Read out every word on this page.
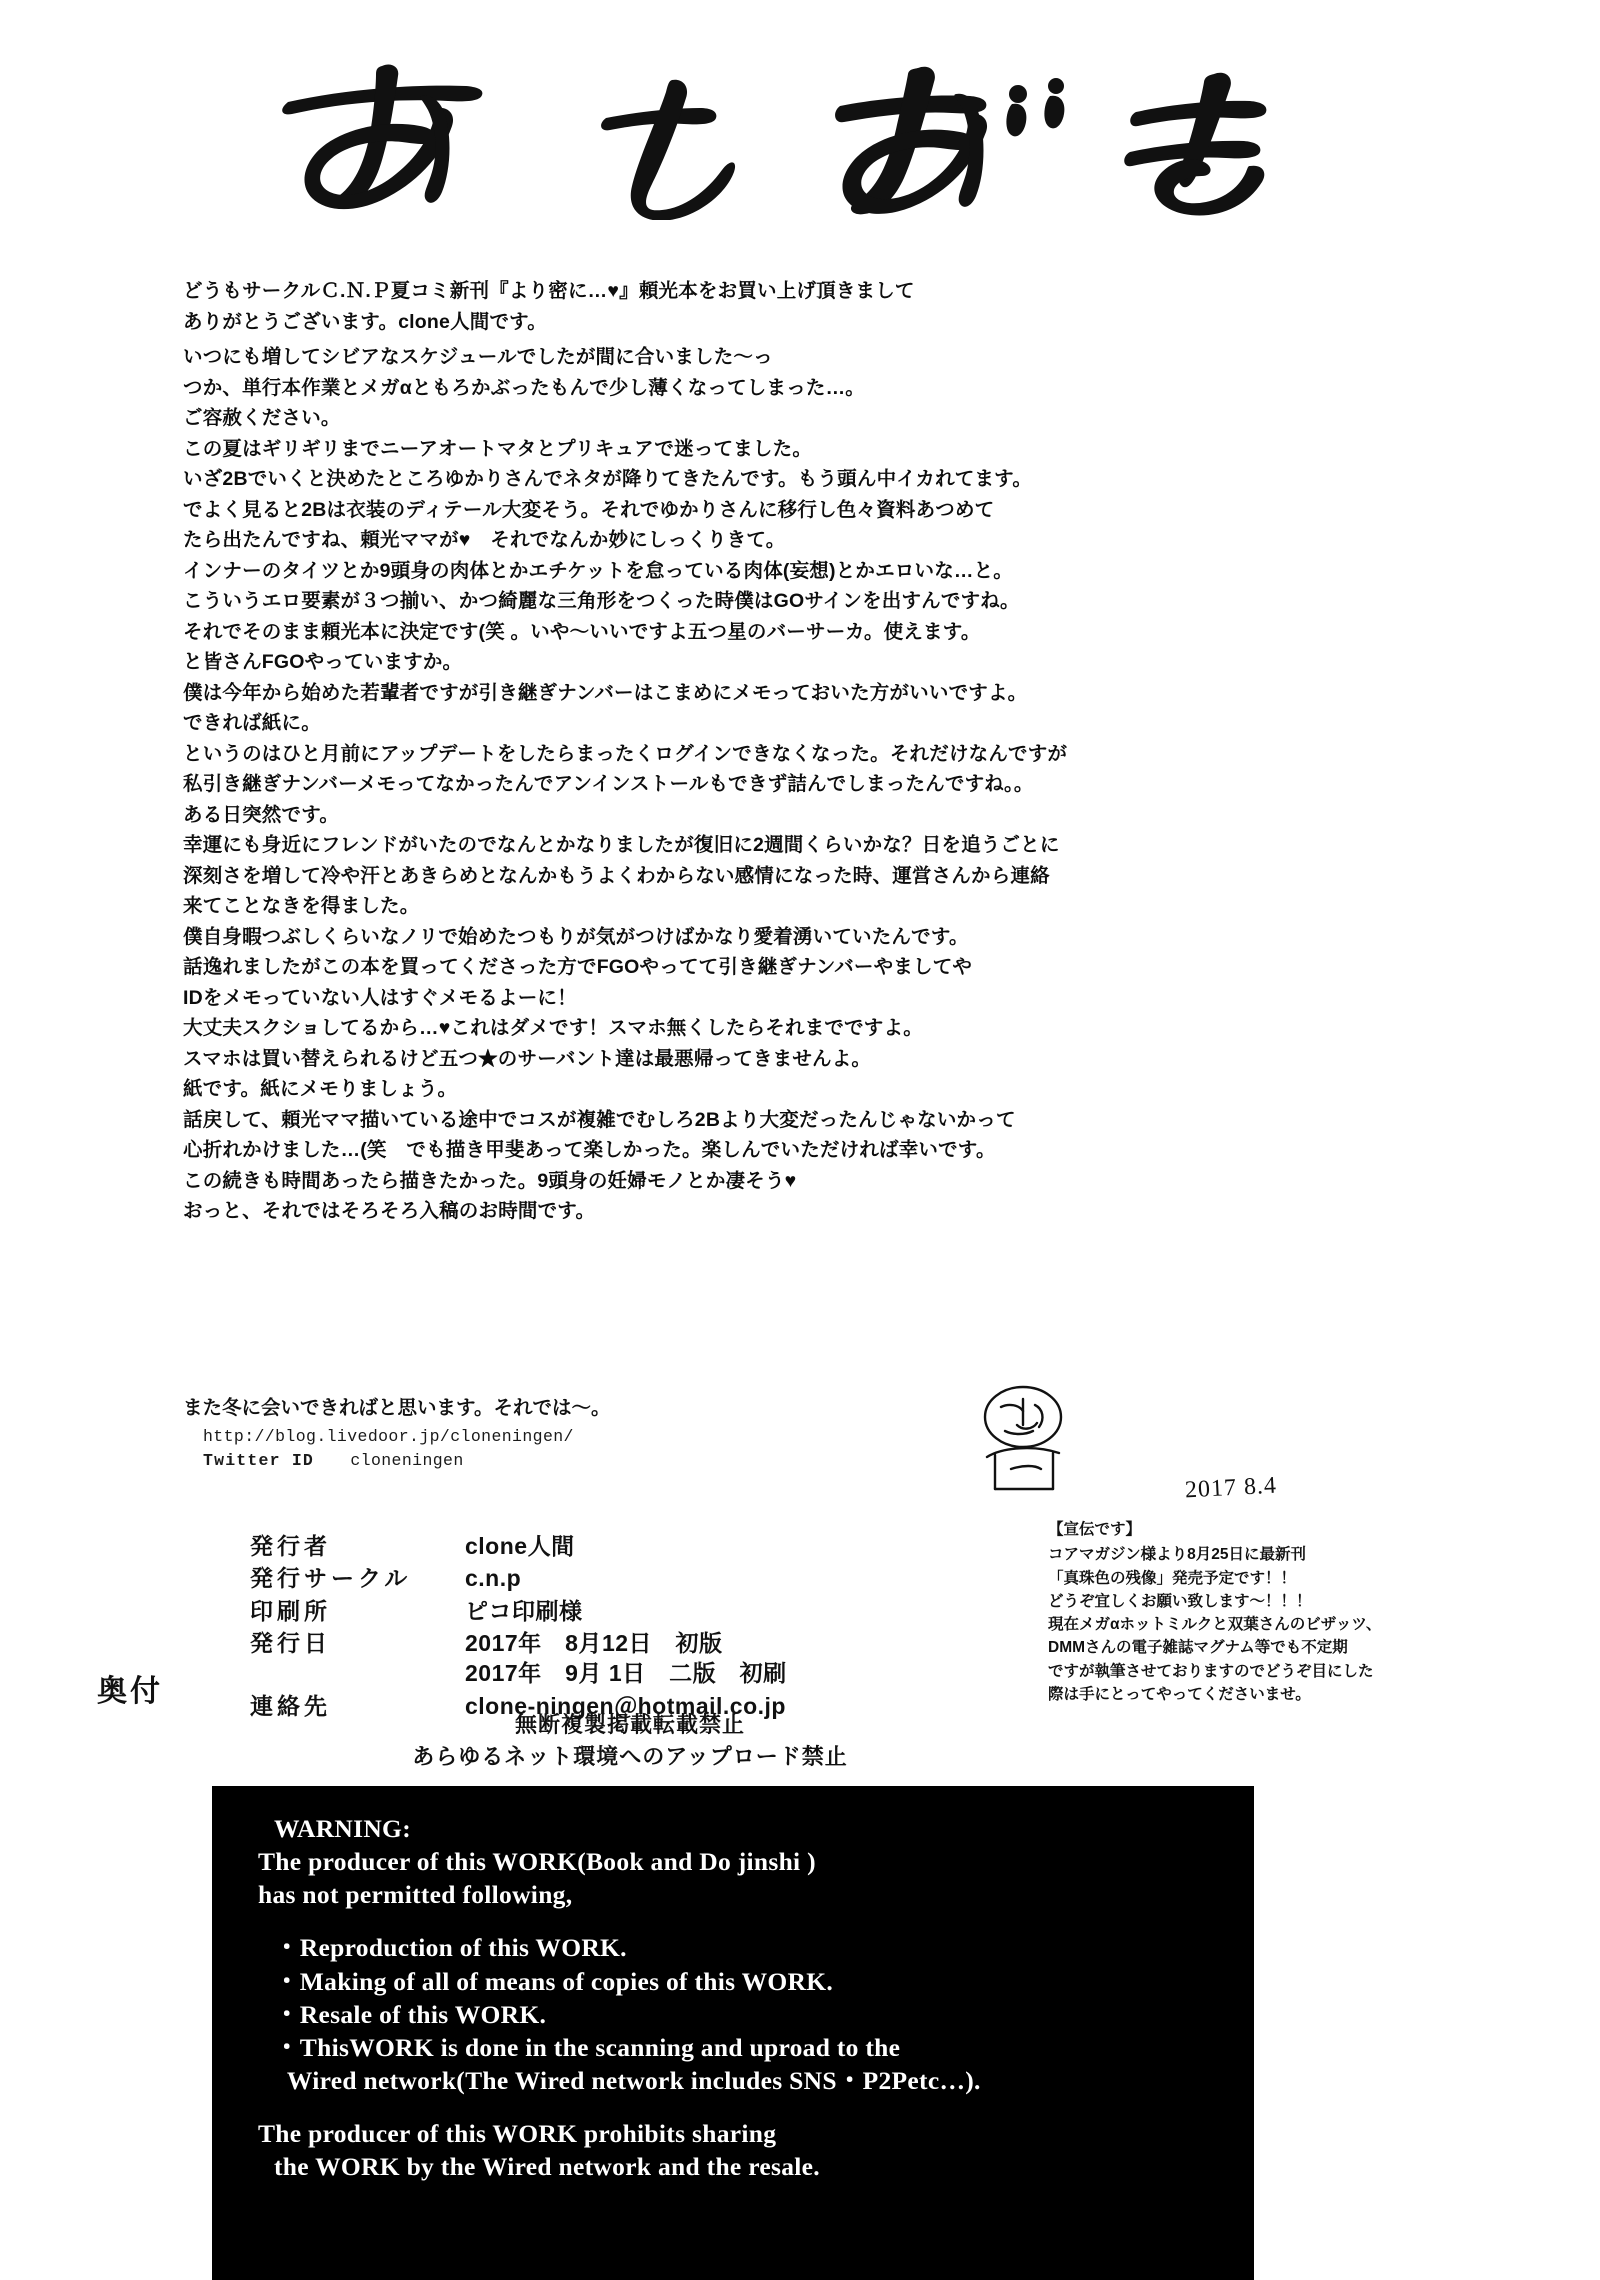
どうもサークルＣ.Ｎ.Ｐ夏コミ新刊『より密に…♥』頼光本をお買い上げ頂きまして
ありがとうございます。clone人間です。
いつにも増してシビアなスケジュールでしたが間に合いました～っ
つか、単行本作業とメガαともろかぶったもんで少し薄くなってしまった…。
ご容赦ください。
この夏はギリギリまでニーアオートマタとプリキュアで迷ってました。
いざ2Bでいくと決めたところゆかりさんでネタが降りてきたんです。もう頭ん中イカれてます。
でよく見ると2Bは衣装のディテール大変そう。それでゆかりさんに移行し色々資料あつめて
たら出たんですね、頼光ママが♥　それでなんか妙にしっくりきて。
インナーのタイツとか9頭身の肉体とかエチケットを怠っている肉体(妄想)とかエロいな…と。
こういうエロ要素が３つ揃い、かつ綺麗な三角形をつくった時僕はGOサインを出すんですね。
それでそのまま頼光本に決定です(笑 。いや～いいですよ五つ星のバーサーカ。使えます。
と皆さんFGOやっていますか。
僕は今年から始めた若輩者ですが引き継ぎナンバーはこまめにメモっておいた方がいいですよ。
できれば紙に。
というのはひと月前にアップデートをしたらまったくログインできなくなった。それだけなんですが
私引き継ぎナンバーメモってなかったんでアンインストールもできず詰んでしまったんですね。。
ある日突然です。
幸運にも身近にフレンドがいたのでなんとかなりましたが復旧に2週間くらいかな？日を追うごとに
深刻さを増して冷や汗とあきらめとなんかもうよくわからない感情になった時、運営さんから連絡
来てことなきを得ました。
僕自身暇つぶしくらいなノリで始めたつもりが気がつけばかなり愛着湧いていたんです。
話逸れましたがこの本を買ってくださった方でFGOやってて引き継ぎナンバーやましてや
IDをメモっていない人はすぐメモるよーに！
大丈夫スクショしてるから…♥これはダメです！スマホ無くしたらそれまでですよ。
スマホは買い替えられるけど五つ★のサーバント達は最悪帰ってきませんよ。
紙です。紙にメモりましょう。
話戻して、頼光ママ描いている途中でコスが複雑でむしろ2Bより大変だったんじゃないかって
心折れかけました…(笑　でも描き甲斐あって楽しかった。楽しんでいただければ幸いです。
この続きも時間あったら描きたかった。9頭身の妊婦モノとか凄そう♥
おっと、それではそろそろ入稿のお時間です。
また冬に会いできればと思います。それでは～。
http://blog.livedoor.jp/cloneningen/
Twitter ID cloneningen
2017 8.4
奥付
発行者	clone人間
発行サークル	c.n.p
印刷所	ピコ印刷様
発行日	2017年　8月12日　初版
2017年　9月 1日　二版　初刷

連絡先	clone-ningen＠hotmail.co.jp
無断複製掲載転載禁止
あらゆるネット環境へのアップロード禁止
【宣伝です】
コアマガジン様より8月25日に最新刊
「真珠色の残像」発売予定です！！
どうぞ宜しくお願い致します～！！！
現在メガαホットミルクと双葉さんのビザッツ、
DMMさんの電子雑誌マグナム等でも不定期
ですが執筆させておりますのでどうぞ目にした
際は手にとってやってくださいませ。
WARNING:
The producer of this WORK(Book and Do jinshi )
has not permitted following,
・Reproduction of this WORK.
・Making of all of means of copies of this WORK.
・Resale of this WORK.
・ThisWORK is done in the scanning and uproad to the
Wired network(The Wired network includes SNS・P2Petc…).
The producer of this WORK prohibits sharing
the WORK by the Wired network and the resale.
